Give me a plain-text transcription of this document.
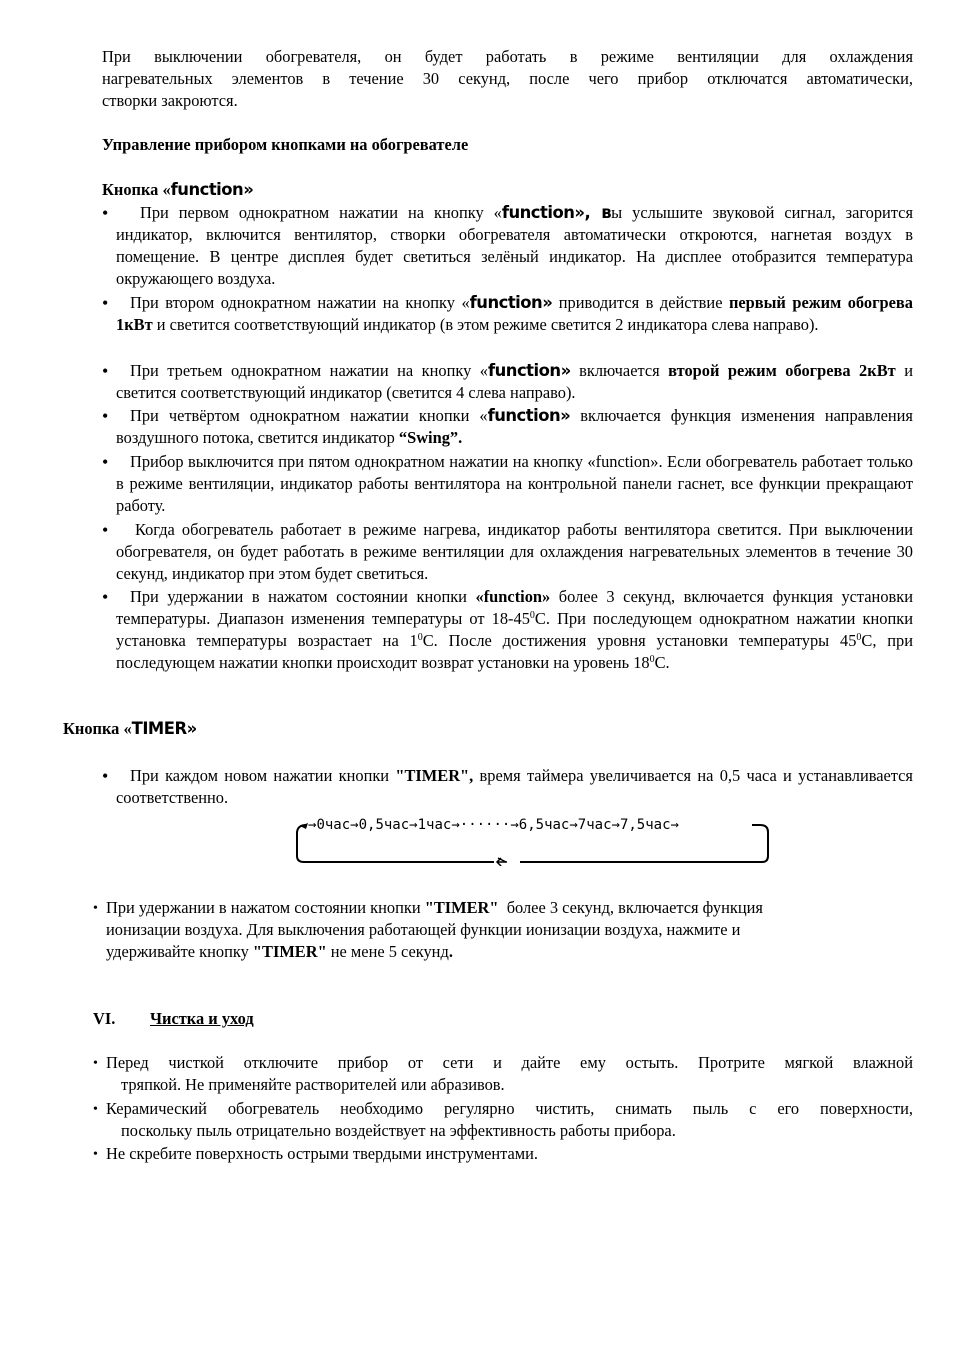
При выключении обогревателя, он будет работать в режиме вентиляции для охлаждения
нагревательных элементов в течение 30 секунд, после чего прибор отключатся автоматически,
створки закроются.
Управление прибором кнопками на обогревателе
Кнопка «function»
•	При первом однократном нажатии на кнопку «function», вы услышите звуковой сигнал, загорится индикатор, включится вентилятор, створки обогревателя автоматически откроются, нагнетая воздух в помещение. В центре дисплея будет светиться зелёный индикатор. На дисплее отобразится температура окружающего воздуха.
•	При втором однократном нажатии на кнопку «function» приводится в действие первый режим обогрева 1кВт и светится соответствующий индикатор (в этом режиме светится 2 индикатора слева направо).
•	При третьем однократном нажатии на кнопку «function» включается второй режим обогрева 2кВт и светится соответствующий индикатор (светится 4 слева направо).
•	При четвёртом однократном нажатии кнопки «function» включается функция изменения направления воздушного потока, светится индикатор “Swing”.
•	Прибор выключится при пятом однократном нажатии на кнопку «function». Если обогреватель работает только в режиме вентиляции, индикатор работы вентилятора на контрольной панели гаснет, все функции прекращают работу.
•	Когда обогреватель работает в режиме нагрева, индикатор работы вентилятора светится. При выключении обогревателя, он будет работать в режиме вентиляции для охлаждения нагревательных элементов в течение 30 секунд, индикатор при этом будет светиться.
•	При удержании в нажатом состоянии кнопки «function» более 3 секунд, включается функция установки температуры. Диапазон изменения температуры от $18-45^0С$. При последующем однократном нажатии кнопки установка температуры возрастает на $1^0С$. После достижения уровня установки температуры $45^0С$, при последующем нажатии кнопки происходит возврат установки на уровень $18^0С$.
Кнопка «TIMER»
•	При каждом новом нажатии кнопки "TIMER", время таймера увеличивается на 0,5 часа и устанавливается соответственно.
→0час→0,5час→1час→······→6,5час→7час→7,5час→
• При удержании в нажатом состоянии кнопки "TIMER" более 3 секунд, включается функция
ионизации воздуха. Для выключения работающей функции ионизации воздуха, нажмите и
удерживайте кнопку "TIMER" не мене 5 секунд.
VI. Чистка и уход
• Перед чисткой отключите прибор от сети и дайте ему остыть. Протрите мягкой влажной
тряпкой. Не применяйте растворителей или абразивов.
• Керамический обогреватель необходимо регулярно чистить, снимать пыль с его поверхности,
поскольку пыль отрицательно воздействует на эффективность работы прибора.
• Не скребите поверхность острыми твердыми инструментами.
